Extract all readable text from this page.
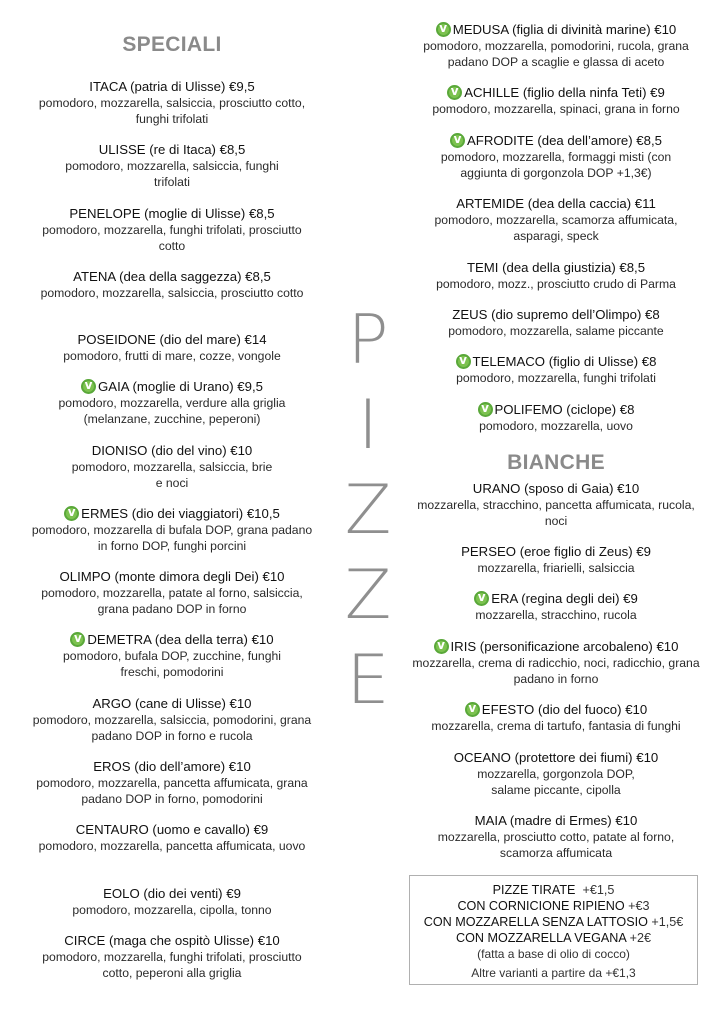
SPECIALI
ITACA (patria di Ulisse) €9,5
pomodoro, mozzarella, salsiccia, prosciutto cotto, funghi trifolati
ULISSE (re di Itaca) €8,5
pomodoro, mozzarella, salsiccia, funghi trifolati
PENELOPE (moglie di Ulisse) €8,5
pomodoro, mozzarella, funghi trifolati, prosciutto cotto
ATENA (dea della saggezza) €8,5
pomodoro, mozzarella, salsiccia, prosciutto cotto
POSEIDONE (dio del mare) €14
pomodoro, frutti di mare, cozze, vongole
vGAIA (moglie di Urano) €9,5
pomodoro, mozzarella, verdure alla griglia (melanzane, zucchine, peperoni)
DIONISO (dio del vino) €10
pomodoro, mozzarella, salsiccia, brie e noci
vERMES (dio dei viaggiatori) €10,5
pomodoro, mozzarella di bufala DOP, grana padano in forno DOP, funghi porcini
OLIMPO (monte dimora degli Dei) €10
pomodoro, mozzarella, patate al forno, salsiccia, grana padano DOP in forno
vDEMETRA (dea della terra) €10
pomodoro, bufala DOP, zucchine, funghi freschi, pomodorini
ARGO (cane di Ulisse) €10
pomodoro, mozzarella, salsiccia, pomodorini, grana padano DOP in forno e rucola
EROS (dio dell’amore) €10
pomodoro, mozzarella, pancetta affumicata, grana padano DOP in forno, pomodorini
CENTAURO (uomo e cavallo) €9
pomodoro, mozzarella, pancetta affumicata, uovo
EOLO (dio dei venti) €9
pomodoro, mozzarella, cipolla, tonno
CIRCE (maga che ospitò Ulisse) €10
pomodoro, mozzarella, funghi trifolati, prosciutto cotto, peperoni alla griglia
P
I
Z
Z
E
vMEDUSA (figlia di divinità marine) €10
pomodoro, mozzarella, pomodorini, rucola, grana padano DOP a scaglie e glassa di aceto
vACHILLE (figlio della ninfa Teti) €9
pomodoro, mozzarella, spinaci, grana in forno
vAFRODITE (dea dell’amore) €8,5
pomodoro, mozzarella, formaggi misti (con aggiunta di gorgonzola DOP +1,3€)
ARTEMIDE (dea della caccia) €11
pomodoro, mozzarella, scamorza affumicata, asparagi, speck
TEMI (dea della giustizia) €8,5
pomodoro, mozz., prosciutto crudo di Parma
ZEUS (dio supremo dell’Olimpo) €8
pomodoro, mozzarella, salame piccante
vTELEMACO (figlio di Ulisse) €8
pomodoro, mozzarella, funghi trifolati
vPOLIFEMO (ciclope) €8
pomodoro, mozzarella, uovo
BIANCHE
URANO (sposo di Gaia) €10
mozzarella, stracchino, pancetta affumicata, rucola, noci
PERSEO (eroe figlio di Zeus) €9
mozzarella, friarielli, salsiccia
vERA (regina degli dei) €9
mozzarella, stracchino, rucola
vIRIS (personificazione arcobaleno) €10
mozzarella, crema di radicchio, noci, radicchio, grana padano in forno
vEFESTO (dio del fuoco) €10
mozzarella, crema di tartufo, fantasia di funghi
OCEANO (protettore dei fiumi) €10
mozzarella, gorgonzola DOP, salame piccante, cipolla
MAIA (madre di Ermes) €10
mozzarella, prosciutto cotto, patate al forno, scamorza affumicata
PIZZE TIRATE +€1,5
CON CORNICIONE RIPIENO +€3
CON MOZZARELLA SENZA LATTOSIO +1,5€
CON MOZZARELLA VEGANA +2€
(fatta a base di olio di cocco)
Altre varianti a partire da +€1,3
